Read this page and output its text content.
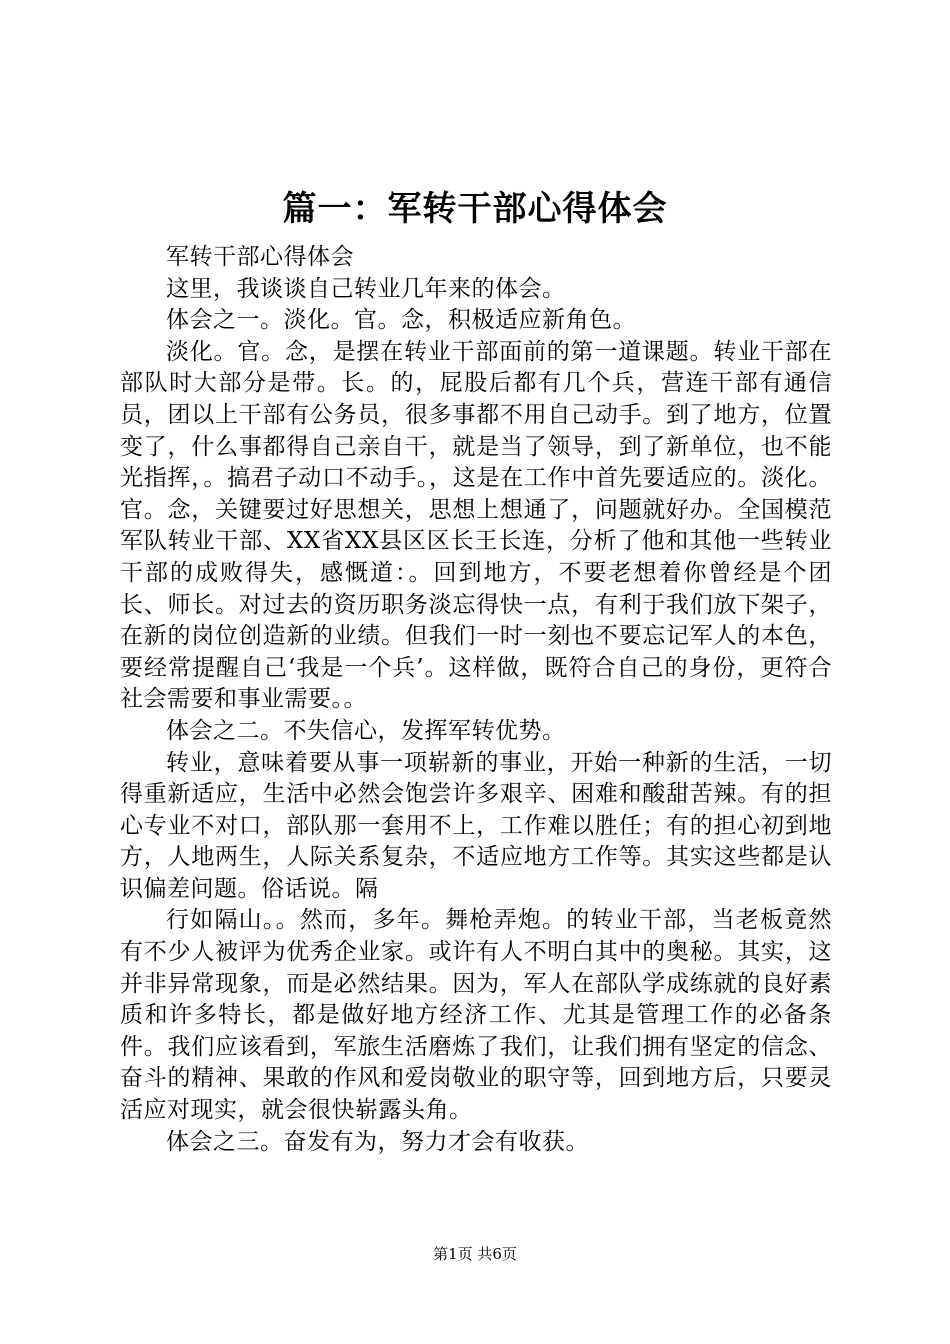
篇一：军转干部心得体会

军转干部心得体会

这里，我谈谈自己转业几年来的体会。

体会之一。淡化。官。念，积极适应新角色。

淡化。官。念，是摆在转业干部面前的第一道课题。转业干部在部队时大部分是带。长。的，屁股后都有几个兵，营连干部有通信员，团以上干部有公务员，很多事都不用自己动手。到了地方，位置变了，什么事都得自己亲自干，就是当了领导，到了新单位，也不能光指挥，。搞君子动口不动手。，这是在工作中首先要适应的。淡化。官。念，关键要过好思想关，思想上想通了，问题就好办。全国模范军队转业干部、XX省XX县区区长王长连，分析了他和其他一些转业干部的成败得失，感慨道：。回到地方，不要老想着你曾经是个团长、师长。对过去的资历职务淡忘得快一点，有利于我们放下架子，在新的岗位创造新的业绩。但我们一时一刻也不要忘记军人的本色，要经常提醒自己‘我是一个兵’。这样做，既符合自己的身份，更符合社会需要和事业需要。。

体会之二。不失信心，发挥军转优势。

转业，意味着要从事一项崭新的事业，开始一种新的生活，一切得重新适应，生活中必然会饱尝许多艰辛、困难和酸甜苦辣。有的担心专业不对口，部队那一套用不上，工作难以胜任；有的担心初到地方，人地两生，人际关系复杂，不适应地方工作等。其实这些都是认识偏差问题。俗话说。隔

行如隔山。。然而，多年。舞枪弄炮。的转业干部，当老板竟然有不少人被评为优秀企业家。或许有人不明白其中的奥秘。其实，这并非异常现象，而是必然结果。因为，军人在部队学成练就的良好素质和许多特长，都是做好地方经济工作、尤其是管理工作的必备条件。我们应该看到，军旅生活磨炼了我们，让我们拥有坚定的信念、奋斗的精神、果敢的作风和爱岗敬业的职守等，回到地方后，只要灵活应对现实，就会很快崭露头角。

体会之三。奋发有为，努力才会有收获。

第1页 共6页
